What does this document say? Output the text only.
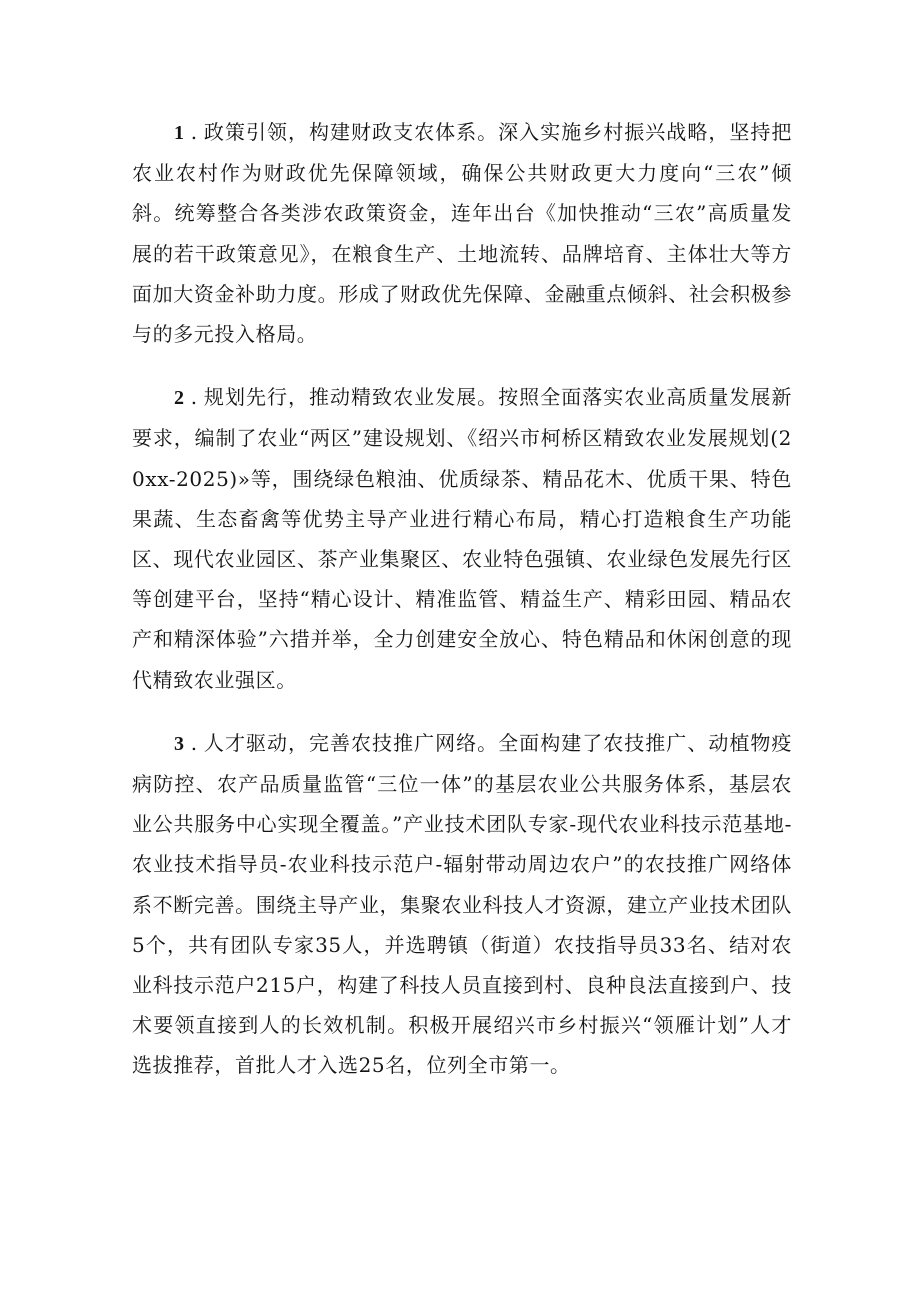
1 . 政策引领，构建财政支农体系。深入实施乡村振兴战略，坚持把农业农村作为财政优先保障领域，确保公共财政更大力度向“三农”倾斜。统筹整合各类涉农政策资金，连年出台《加快推动“三农”高质量发展的若干政策意见》，在粮食生产、土地流转、品牌培育、主体壮大等方面加大资金补助力度。形成了财政优先保障、金融重点倾斜、社会积极参与的多元投入格局。

2 . 规划先行，推动精致农业发展。按照全面落实农业高质量发展新要求，编制了农业“两区”建设规划、《绍兴市柯桥区精致农业发展规划(20xx-2025)»等，围绕绿色粮油、优质绿茶、精品花木、优质干果、特色果蔬、生态畜禽等优势主导产业进行精心布局，精心打造粮食生产功能区、现代农业园区、茶产业集聚区、农业特色强镇、农业绿色发展先行区等创建平台，坚持“精心设计、精准监管、精益生产、精彩田园、精品农产和精深体验”六措并举，全力创建安全放心、特色精品和休闲创意的现代精致农业强区。

3 . 人才驱动，完善农技推广网络。全面构建了农技推广、动植物疫病防控、农产品质量监管“三位一体”的基层农业公共服务体系，基层农业公共服务中心实现全覆盖。”产业技术团队专家-现代农业科技示范基地-农业技术指导员-农业科技示范户-辐射带动周边农户”的农技推广网络体系不断完善。围绕主导产业，集聚农业科技人才资源，建立产业技术团队5个，共有团队专家35人，并选聘镇（街道）农技指导员33名、结对农业科技示范户215户，构建了科技人员直接到村、良种良法直接到户、技术要领直接到人的长效机制。积极开展绍兴市乡村振兴“领雁计划”人才选拔推荐，首批人才入选25名，位列全市第一。
